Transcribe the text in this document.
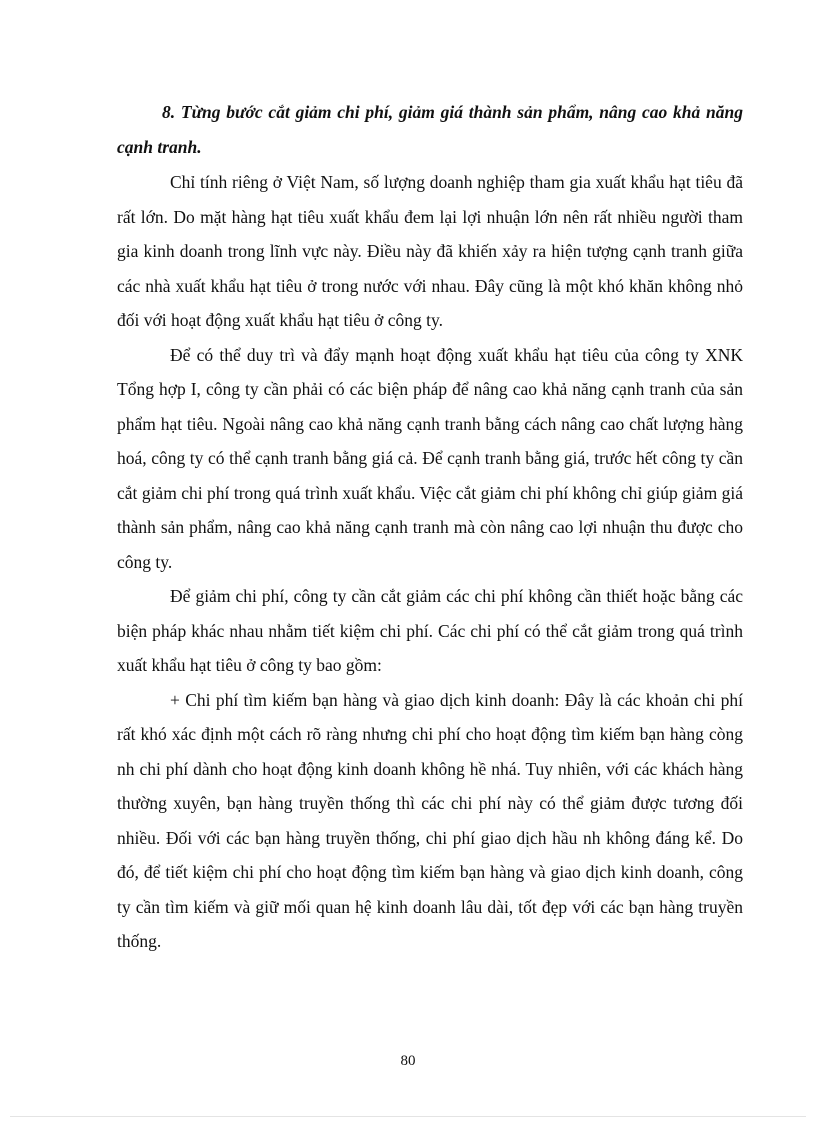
8. Từng bước cắt giảm chi phí, giảm giá thành sản phẩm, nâng cao khả năng cạnh tranh.

Chỉ tính riêng ở Việt Nam, số lượng doanh nghiệp tham gia xuất khẩu hạt tiêu đã rất lớn. Do mặt hàng hạt tiêu xuất khẩu đem lại lợi nhuận lớn nên rất nhiều người tham gia kinh doanh trong lĩnh vực này. Điều này đã khiến xảy ra hiện tượng cạnh tranh giữa các nhà xuất khẩu hạt tiêu ở trong nước với nhau. Đây cũng là một khó khăn không nhỏ đối với hoạt động xuất khẩu hạt tiêu ở công ty.

Để có thể duy trì và đẩy mạnh hoạt động xuất khẩu hạt tiêu của công ty XNK Tổng hợp I, công ty cần phải có các biện pháp để nâng cao khả năng cạnh tranh của sản phẩm hạt tiêu. Ngoài nâng cao khả năng cạnh tranh bằng cách nâng cao chất lượng hàng hoá, công ty có thể cạnh tranh bằng giá cả. Để cạnh tranh bằng giá, trước hết công ty cần cắt giảm chi phí trong quá trình xuất khẩu. Việc cắt giảm chi phí không chỉ giúp giảm giá thành sản phẩm, nâng cao khả năng cạnh tranh mà còn nâng cao lợi nhuận thu được cho công ty.

Để giảm chi phí, công ty cần cắt giảm các chi phí không cần thiết hoặc bằng các biện pháp khác nhau nhằm tiết kiệm chi phí. Các chi phí có thể cắt giảm trong quá trình xuất khẩu hạt tiêu ở công ty bao gồm:

+ Chi phí tìm kiếm bạn hàng và giao dịch kinh doanh: Đây là các khoản chi phí rất khó xác định một cách rõ ràng nhưng chi phí cho hoạt động tìm kiếm bạn hàng còng nh chi phí dành cho hoạt động kinh doanh không hề nhá. Tuy nhiên, với các khách hàng thường xuyên, bạn hàng truyền thống thì các chi phí này có thể giảm được tương đối nhiều. Đối với các bạn hàng truyền thống, chi phí giao dịch hầu nh không đáng kể. Do đó, để tiết kiệm chi phí cho hoạt động tìm kiếm bạn hàng và giao dịch kinh doanh, công ty cần tìm kiếm và giữ mối quan hệ kinh doanh lâu dài, tốt đẹp với các bạn hàng truyền thống.

80
